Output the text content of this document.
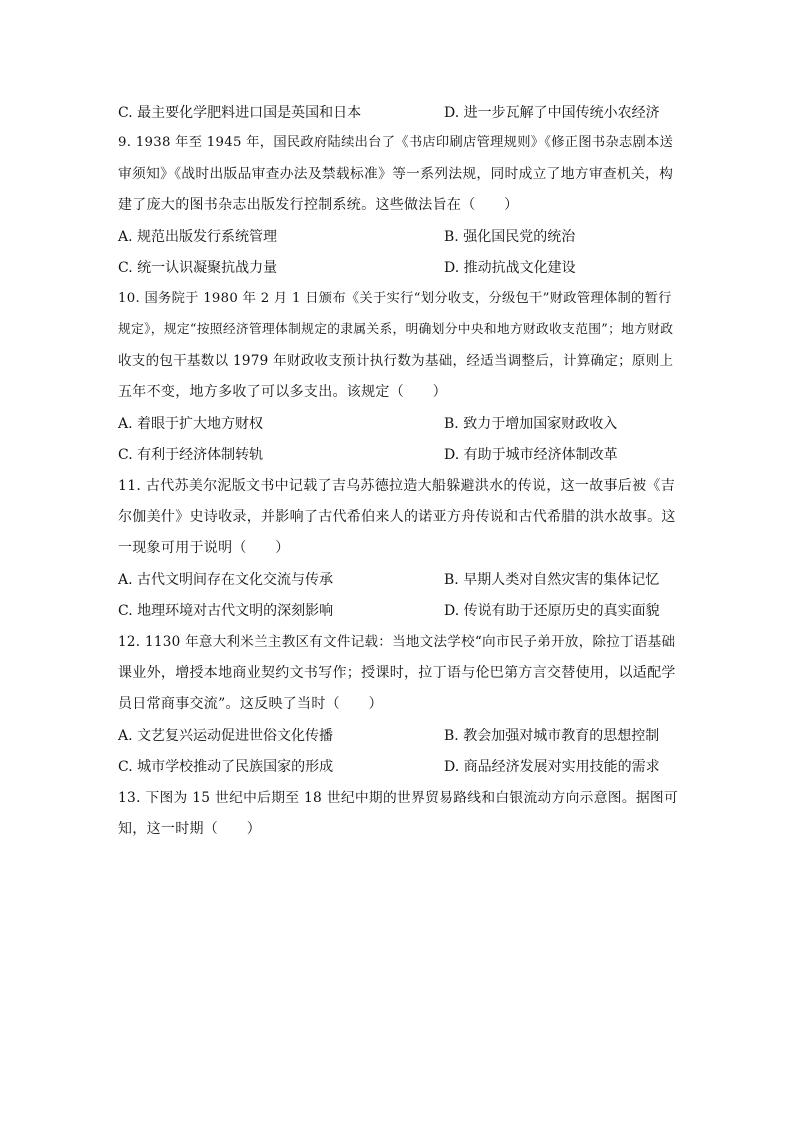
C. 最主要化学肥料进口国是英国和日本	D. 进一步瓦解了中国传统小农经济
9. 1938 年至 1945 年，国民政府陆续出台了《书店印刷店管理规则》《修正图书杂志剧本送
审须知》《战时出版品审查办法及禁载标准》等一系列法规，同时成立了地方审查机关，构
建了庞大的图书杂志出版发行控制系统。这些做法旨在（　　）
A. 规范出版发行系统管理	B. 强化国民党的统治
C. 统一认识凝聚抗战力量	D. 推动抗战文化建设
10. 国务院于 1980 年 2 月 1 日颁布《关于实行“划分收支，分级包干”财政管理体制的暂行
规定》，规定“按照经济管理体制规定的隶属关系，明确划分中央和地方财政收支范围”；地方财政
收支的包干基数以 1979 年财政收支预计执行数为基础，经适当调整后，计算确定；原则上
五年不变，地方多收了可以多支出。该规定（　　）
A. 着眼于扩大地方财权	B. 致力于增加国家财政收入
C. 有利于经济体制转轨	D. 有助于城市经济体制改革
11. 古代苏美尔泥版文书中记载了吉乌苏德拉造大船躲避洪水的传说，这一故事后被《吉
尔伽美什》史诗收录，并影响了古代希伯来人的诺亚方舟传说和古代希腊的洪水故事。这
一现象可用于说明（　　）
A. 古代文明间存在文化交流与传承	B. 早期人类对自然灾害的集体记忆
C. 地理环境对古代文明的深刻影响	D. 传说有助于还原历史的真实面貌
12. 1130 年意大利米兰主教区有文件记载：当地文法学校“向市民子弟开放，除拉丁语基础
课业外，增授本地商业契约文书写作；授课时，拉丁语与伦巴第方言交替使用，以适配学
员日常商事交流”。这反映了当时（　　）
A. 文艺复兴运动促进世俗文化传播	B. 教会加强对城市教育的思想控制
C. 城市学校推动了民族国家的形成	D. 商品经济发展对实用技能的需求
13. 下图为 15 世纪中后期至 18 世纪中期的世界贸易路线和白银流动方向示意图。据图可
知，这一时期（　　）
